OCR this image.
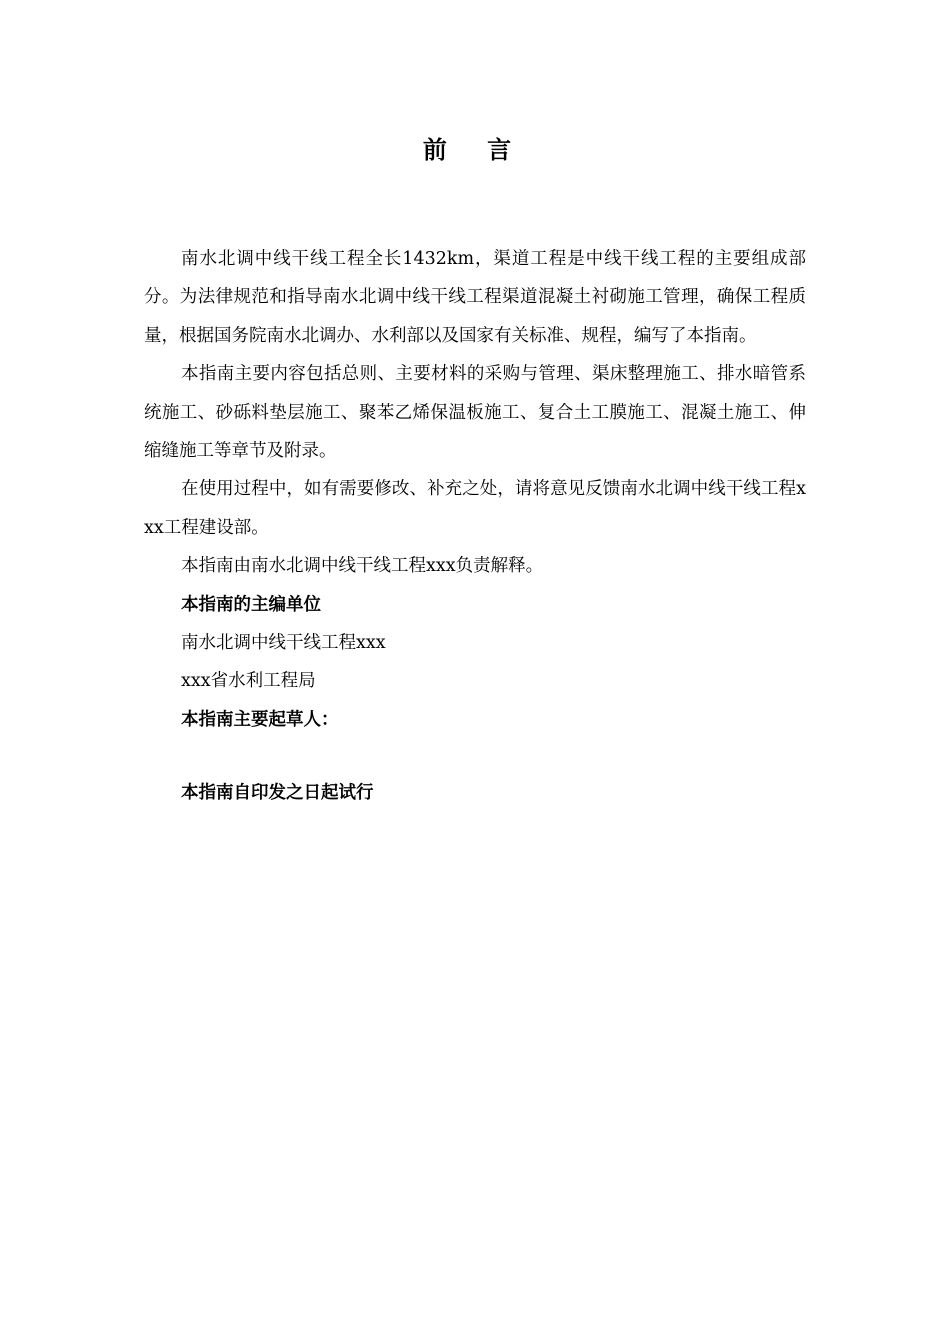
前 言

南水北调中线干线工程全长1432km，渠道工程是中线干线工程的主要组成部分。为法律规范和指导南水北调中线干线工程渠道混凝土衬砌施工管理，确保工程质量，根据国务院南水北调办、水利部以及国家有关标准、规程，编写了本指南。

本指南主要内容包括总则、主要材料的采购与管理、渠床整理施工、排水暗管系统施工、砂砾料垫层施工、聚苯乙烯保温板施工、复合土工膜施工、混凝土施工、伸缩缝施工等章节及附录。

在使用过程中，如有需要修改、补充之处，请将意见反馈南水北调中线干线工程xxx工程建设部。

本指南由南水北调中线干线工程xxx负责解释。

本指南的主编单位

南水北调中线干线工程xxx

xxx省水利工程局

本指南主要起草人：

本指南自印发之日起试行
